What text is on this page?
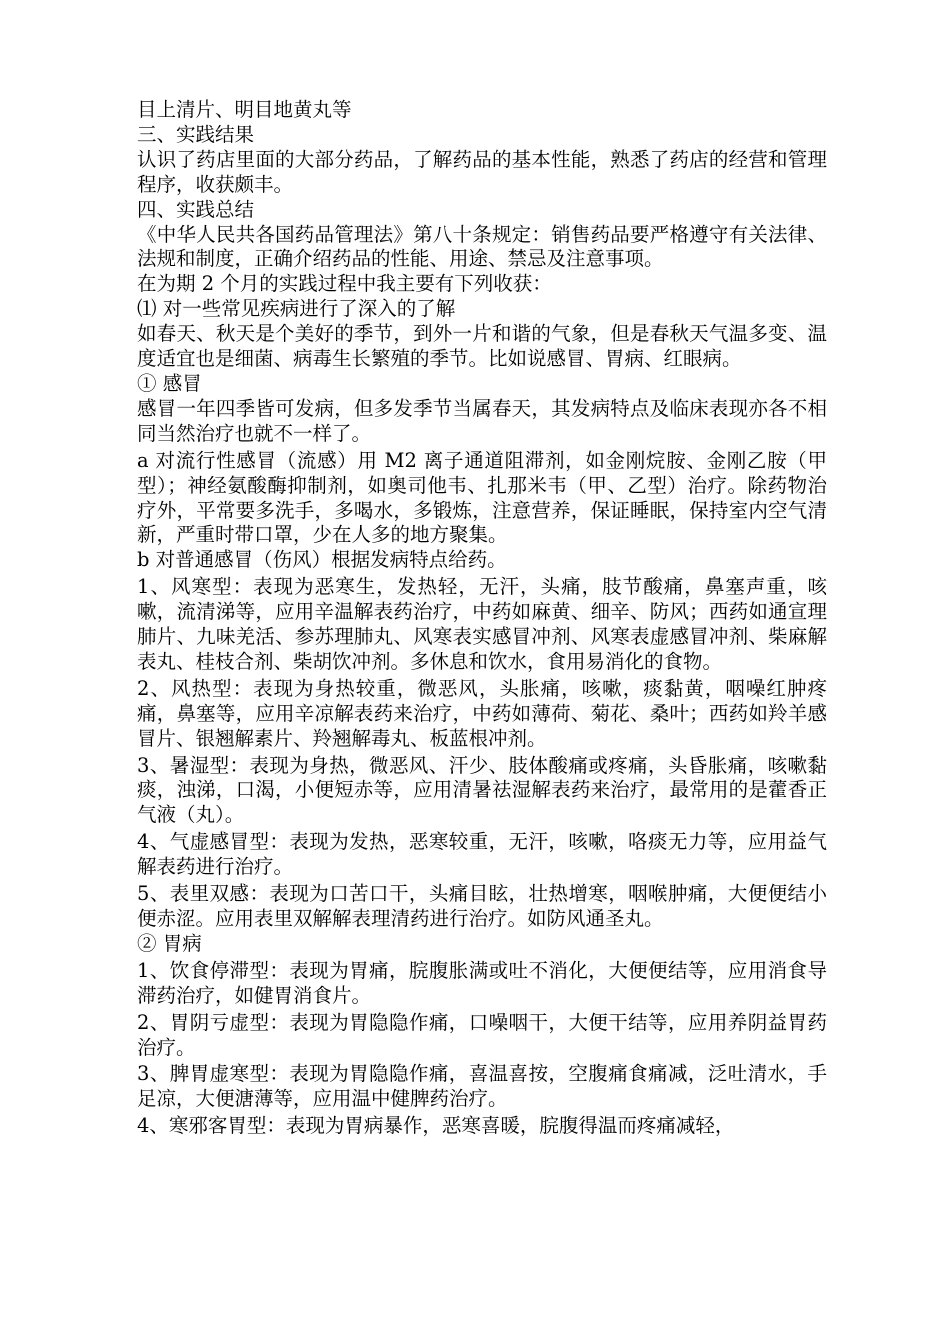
目上清片、明目地黄丸等

三、实践结果

认识了药店里面的大部分药品，了解药品的基本性能，熟悉了药店的经营和管理程序，收获颇丰。

四、实践总结

《中华人民共各国药品管理法》第八十条规定：销售药品要严格遵守有关法律、法规和制度，正确介绍药品的性能、用途、禁忌及注意事项。

在为期 2 个月的实践过程中我主要有下列收获：

⑴ 对一些常见疾病进行了深入的了解

如春天、秋天是个美好的季节，到外一片和谐的气象，但是春秋天气温多变、温度适宜也是细菌、病毒生长繁殖的季节。比如说感冒、胃病、红眼病。

① 感冒

感冒一年四季皆可发病，但多发季节当属春天，其发病特点及临床表现亦各不相同当然治疗也就不一样了。

a 对流行性感冒（流感）用 M2 离子通道阻滞剂，如金刚烷胺、金刚乙胺（甲型）；神经氨酸酶抑制剂，如奥司他韦、扎那米韦（甲、乙型）治疗。除药物治疗外，平常要多洗手，多喝水，多锻炼，注意营养，保证睡眠，保持室内空气清新，严重时带口罩，少在人多的地方聚集。

b 对普通感冒（伤风）根据发病特点给药。

1、风寒型：表现为恶寒生，发热轻，无汗，头痛，肢节酸痛，鼻塞声重，咳嗽，流清涕等，应用辛温解表药治疗，中药如麻黄、细辛、防风；西药如通宣理肺片、九味羌活、参苏理肺丸、风寒表实感冒冲剂、风寒表虚感冒冲剂、柴麻解表丸、桂枝合剂、柴胡饮冲剂。多休息和饮水，食用易消化的食物。

2、风热型：表现为身热较重，微恶风，头胀痛，咳嗽，痰黏黄，咽噪红肿疼痛，鼻塞等，应用辛凉解表药来治疗，中药如薄荷、菊花、桑叶；西药如羚羊感冒片、银翘解素片、羚翘解毒丸、板蓝根冲剂。

3、暑湿型：表现为身热，微恶风、汗少、肢体酸痛或疼痛，头昏胀痛，咳嗽黏痰，浊涕，口渴，小便短赤等，应用清暑祛湿解表药来治疗，最常用的是藿香正气液（丸）。

4、气虚感冒型：表现为发热，恶寒较重，无汗，咳嗽，咯痰无力等，应用益气解表药进行治疗。

5、表里双感：表现为口苦口干，头痛目眩，壮热增寒，咽喉肿痛，大便便结小便赤涩。应用表里双解解表理清药进行治疗。如防风通圣丸。

② 胃病

1、饮食停滞型：表现为胃痛，脘腹胀满或吐不消化，大便便结等，应用消食导滞药治疗，如健胃消食片。

2、胃阴亏虚型：表现为胃隐隐作痛，口噪咽干，大便干结等，应用养阴益胃药治疗。

3、脾胃虚寒型：表现为胃隐隐作痛，喜温喜按，空腹痛食痛减，泛吐清水，手足凉，大便溏薄等，应用温中健脾药治疗。

4、寒邪客胃型：表现为胃病暴作，恶寒喜暖，脘腹得温而疼痛减轻，
